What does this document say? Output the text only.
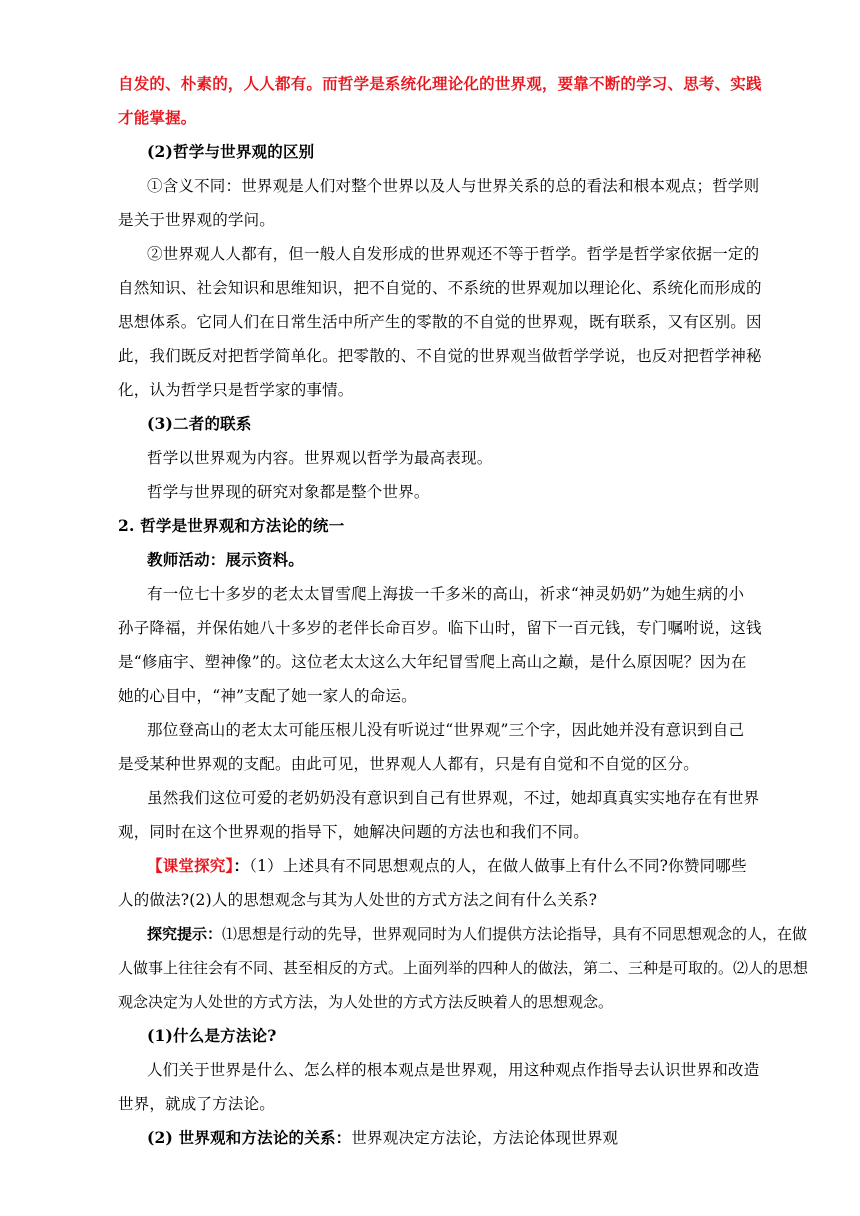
自发的、朴素的，人人都有。而哲学是系统化理论化的世界观，要靠不断的学习、思考、实践
才能掌握。
(2)哲学与世界观的区别
①含义不同：世界观是人们对整个世界以及人与世界关系的总的看法和根本观点；哲学则
是关于世界观的学问。
②世界观人人都有，但一般人自发形成的世界观还不等于哲学。哲学是哲学家依据一定的
自然知识、社会知识和思维知识，把不自觉的、不系统的世界观加以理论化、系统化而形成的
思想体系。它同人们在日常生活中所产生的零散的不自觉的世界观，既有联系，又有区别。因
此，我们既反对把哲学简单化。把零散的、不自觉的世界观当做哲学学说，也反对把哲学神秘
化，认为哲学只是哲学家的事情。
(3)二者的联系
哲学以世界观为内容。世界观以哲学为最高表现。
哲学与世界现的研究对象都是整个世界。
2. 哲学是世界观和方法论的统一
教师活动：展示资料。
有一位七十多岁的老太太冒雪爬上海拔一千多米的高山，祈求“神灵奶奶”为她生病的小
孙子降福，并保佑她八十多岁的老伴长命百岁。临下山时，留下一百元钱，专门嘱咐说，这钱
是“修庙宇、塑神像”的。这位老太太这么大年纪冒雪爬上高山之巅，是什么原因呢？因为在
她的心目中，“神”支配了她一家人的命运。
那位登高山的老太太可能压根儿没有听说过“世界观”三个字，因此她并没有意识到自己
是受某种世界观的支配。由此可见，世界观人人都有，只是有自觉和不自觉的区分。
虽然我们这位可爱的老奶奶没有意识到自己有世界观，不过，她却真真实实地存在有世界
观，同时在这个世界观的指导下，她解决问题的方法也和我们不同。
【课堂探究】：（1）上述具有不同思想观点的人，在做人做事上有什么不同?你赞同哪些
人的做法?(2)人的思想观念与其为人处世的方式方法之间有什么关系?
探究提示：⑴思想是行动的先导，世界观同时为人们提供方法论指导，具有不同思想观念的人，在做
人做事上往往会有不同、甚至相反的方式。上面列举的四种人的做法，第二、三种是可取的。⑵人的思想
观念决定为人处世的方式方法，为人处世的方式方法反映着人的思想观念。
(1)什么是方法论?
人们关于世界是什么、怎么样的根本观点是世界观，用这种观点作指导去认识世界和改造
世界，就成了方法论。
(2) 世界观和方法论的关系：世界观决定方法论，方法论体现世界观
